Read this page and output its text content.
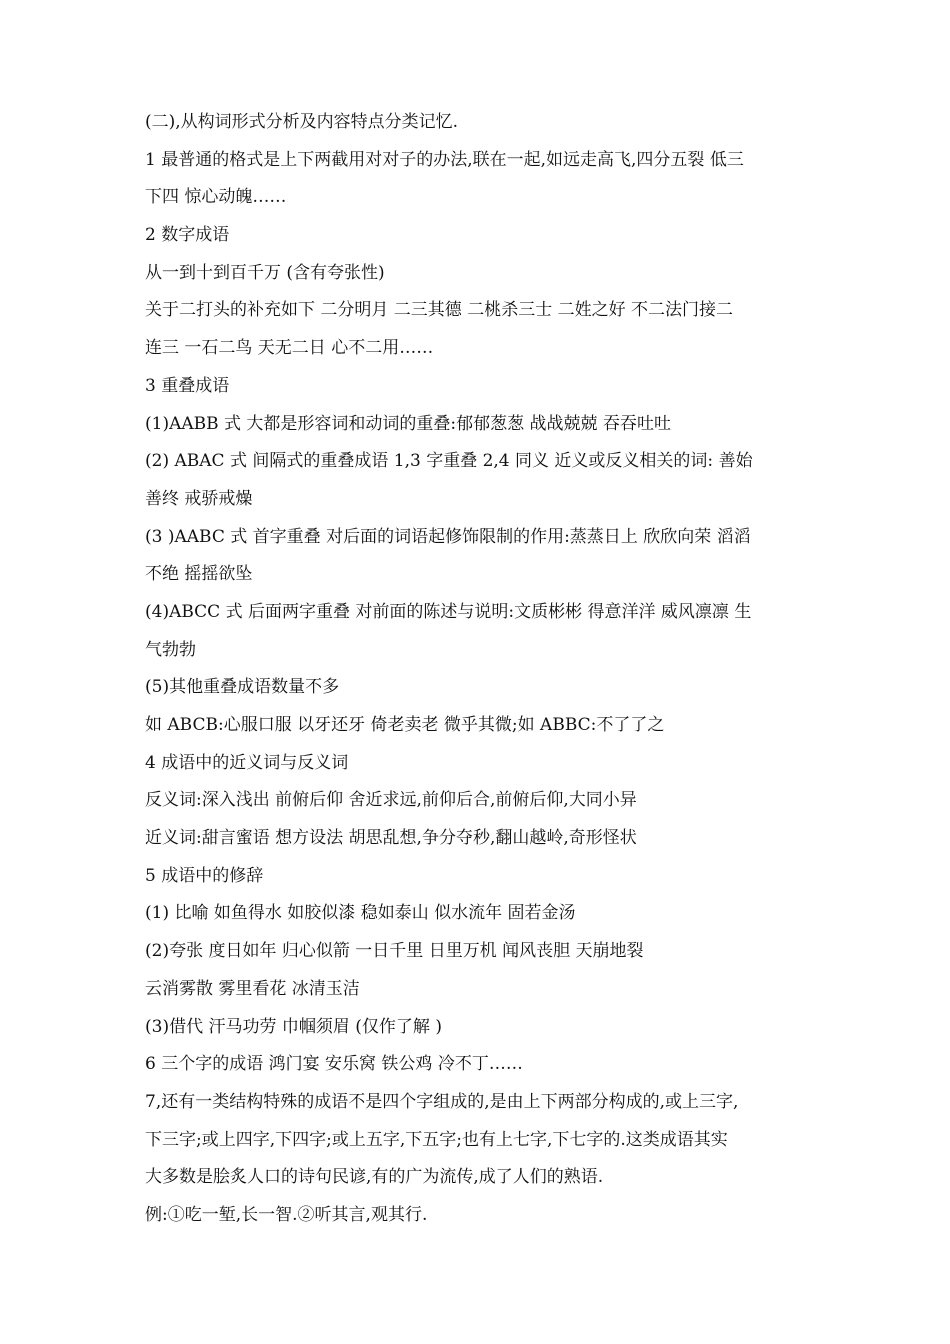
(二),从构词形式分析及内容特点分类记忆.
1 最普通的格式是上下两截用对对子的办法,联在一起,如远走高飞,四分五裂 低三
下四 惊心动魄……
2 数字成语
从一到十到百千万 (含有夸张性)
关于二打头的补充如下 二分明月 二三其德 二桃杀三士 二姓之好 不二法门接二
连三 一石二鸟 天无二日 心不二用……
3 重叠成语
(1)AABB 式 大都是形容词和动词的重叠:郁郁葱葱 战战兢兢 吞吞吐吐
(2) ABAC 式 间隔式的重叠成语 1,3 字重叠 2,4 同义 近义或反义相关的词: 善始
善终 戒骄戒燥
(3 )AABC 式 首字重叠 对后面的词语起修饰限制的作用:蒸蒸日上 欣欣向荣 滔滔
不绝 摇摇欲坠
(4)ABCC 式 后面两字重叠 对前面的陈述与说明:文质彬彬 得意洋洋 威风凛凛 生
气勃勃
(5)其他重叠成语数量不多
如 ABCB:心服口服 以牙还牙 倚老卖老 微乎其微;如 ABBC:不了了之
4 成语中的近义词与反义词
反义词:深入浅出 前俯后仰 舍近求远,前仰后合,前俯后仰,大同小异
近义词:甜言蜜语 想方设法 胡思乱想,争分夺秒,翻山越岭,奇形怪状
5 成语中的修辞
(1) 比喻 如鱼得水 如胶似漆 稳如泰山 似水流年 固若金汤
(2)夸张 度日如年 归心似箭 一日千里 日里万机 闻风丧胆 天崩地裂
云消雾散 雾里看花 冰清玉洁
(3)借代 汗马功劳 巾帼须眉 (仅作了解 )
6 三个字的成语 鸿门宴 安乐窝 铁公鸡 冷不丁……
7,还有一类结构特殊的成语不是四个字组成的,是由上下两部分构成的,或上三字,
下三字;或上四字,下四字;或上五字,下五字;也有上七字,下七字的.这类成语其实
大多数是脍炙人口的诗句民谚,有的广为流传,成了人们的熟语.
例:①吃一堑,长一智.②听其言,观其行.
